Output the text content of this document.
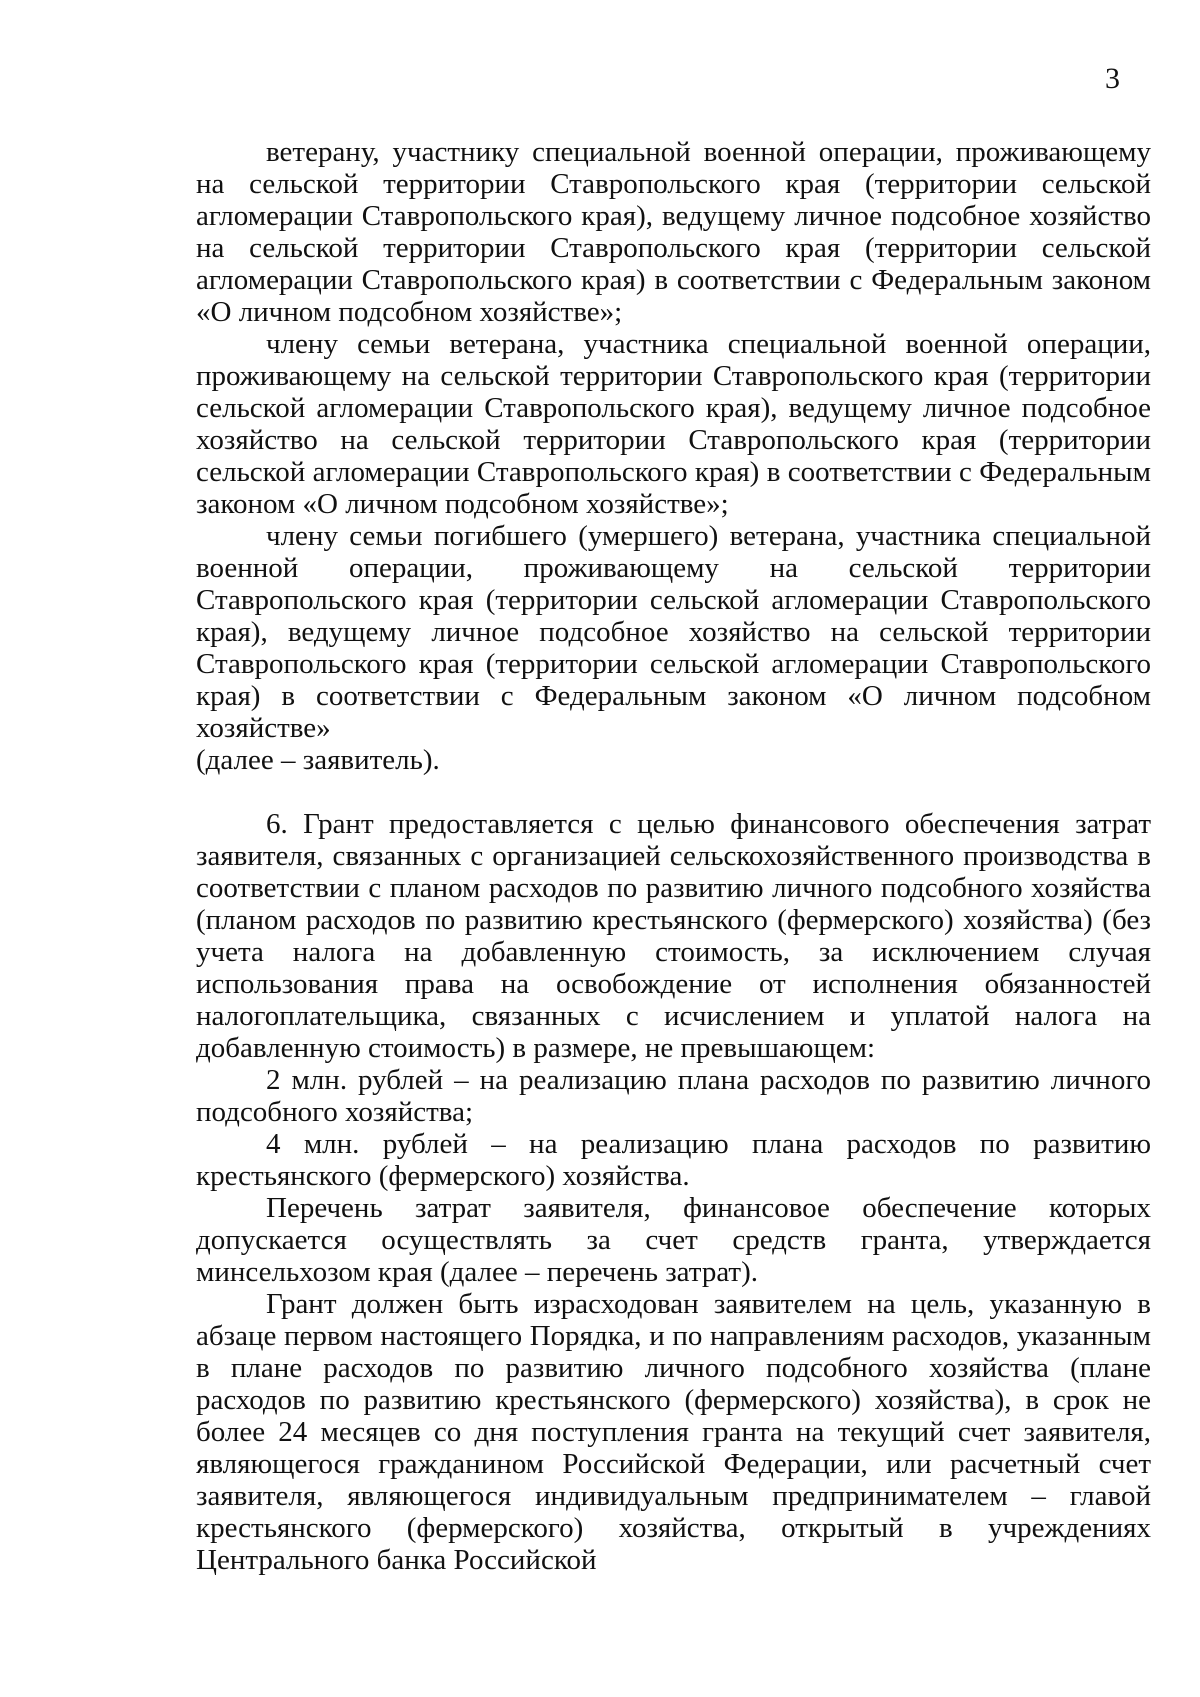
3

ветерану, участнику специальной военной операции, проживающему на сельской территории Ставропольского края (территории сельской агломерации Ставропольского края), ведущему личное подсобное хозяйство на сельской территории Ставропольского края (территории сельской агломерации Ставропольского края) в соответствии с Федеральным законом «О личном подсобном хозяйстве»;

члену семьи ветерана, участника специальной военной операции, проживающему на сельской территории Ставропольского края (территории сельской агломерации Ставропольского края), ведущему личное подсобное хозяйство на сельской территории Ставропольского края (территории сельской агломерации Ставропольского края) в соответствии с Федеральным законом «О личном подсобном хозяйстве»;

члену семьи погибшего (умершего) ветерана, участника специальной военной операции, проживающему на сельской территории Ставропольского края (территории сельской агломерации Ставропольского края), ведущему личное подсобное хозяйство на сельской территории Ставропольского края (территории сельской агломерации Ставропольского края) в соответствии с Федеральным законом «О личном подсобном хозяйстве»

(далее – заявитель).

6. Грант предоставляется с целью финансового обеспечения затрат заявителя, связанных с организацией сельскохозяйственного производства в соответствии с планом расходов по развитию личного подсобного хозяйства (планом расходов по развитию крестьянского (фермерского) хозяйства) (без учета налога на добавленную стоимость, за исключением случая использования права на освобождение от исполнения обязанностей налогоплательщика, связанных с исчислением и уплатой налога на добавленную стоимость) в размере, не превышающем:

2 млн. рублей – на реализацию плана расходов по развитию личного подсобного хозяйства;

4 млн. рублей – на реализацию плана расходов по развитию крестьянского (фермерского) хозяйства.

Перечень затрат заявителя, финансовое обеспечение которых допускается осуществлять за счет средств гранта, утверждается минсельхозом края (далее – перечень затрат).

Грант должен быть израсходован заявителем на цель, указанную в абзаце первом настоящего Порядка, и по направлениям расходов, указанным в плане расходов по развитию личного подсобного хозяйства (плане расходов по развитию крестьянского (фермерского) хозяйства), в срок не более 24 месяцев со дня поступления гранта на текущий счет заявителя, являющегося гражданином Российской Федерации, или расчетный счет заявителя, являющегося индивидуальным предпринимателем – главой крестьянского (фермерского) хозяйства, открытый в учреждениях Центрального банка Российской
